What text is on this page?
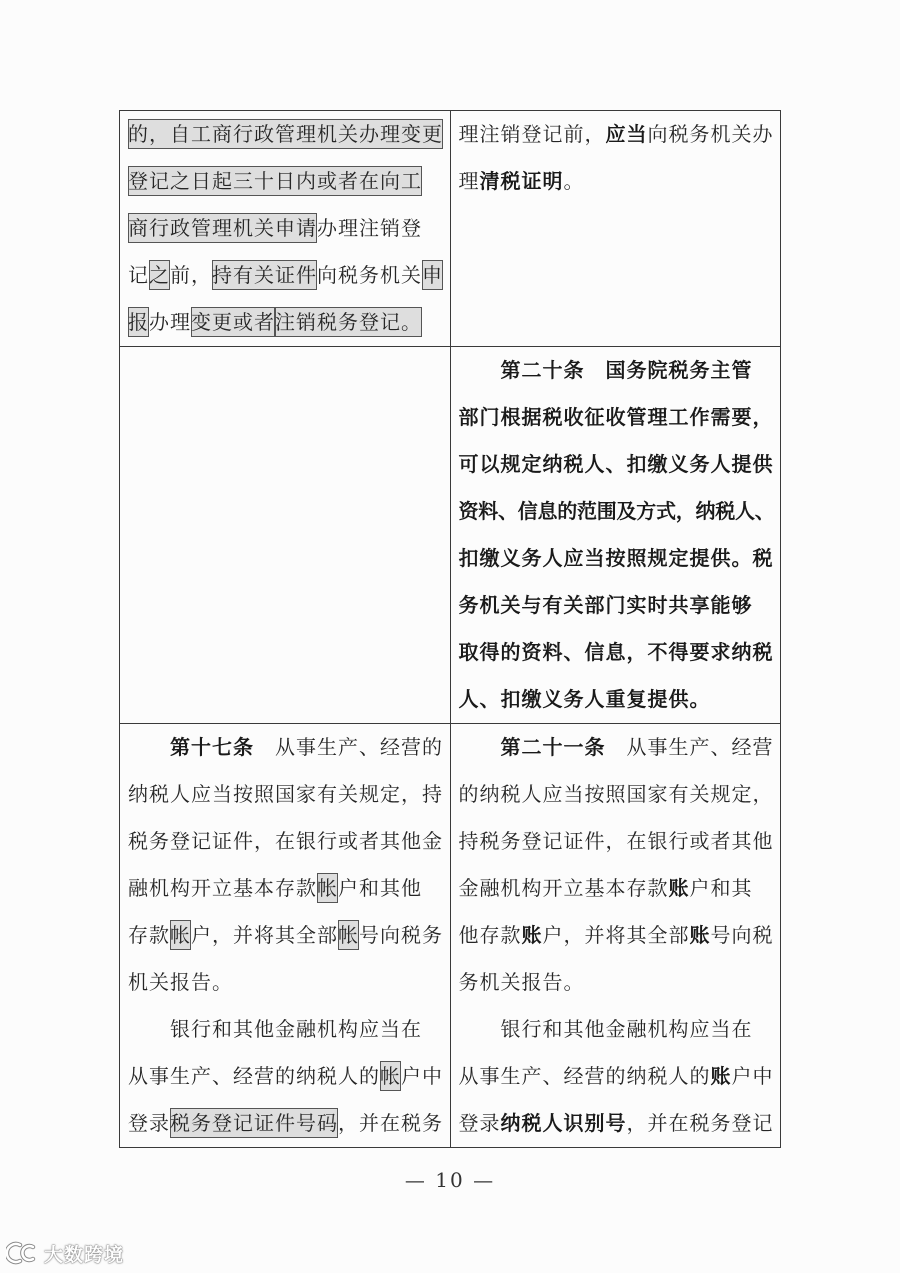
的，自工商行政管理机关办理变更
登记之日起三十日内或者在向工
商行政管理机关申请办理注销登
记之前，持有关证件向税务机关申
报办理变更或者注销税务登记。
理注销登记前，应当向税务机关办
理清税证明。
第二十条　国务院税务主管
部门根据税收征收管理工作需要，
可以规定纳税人、扣缴义务人提供
资料、信息的范围及方式，纳税人、
扣缴义务人应当按照规定提供。税
务机关与有关部门实时共享能够
取得的资料、信息，不得要求纳税
人、扣缴义务人重复提供。
第十七条　从事生产、经营的
纳税人应当按照国家有关规定，持
税务登记证件，在银行或者其他金
融机构开立基本存款帐户和其他
存款帐户，并将其全部帐号向税务
机关报告。
银行和其他金融机构应当在
从事生产、经营的纳税人的帐户中
登录税务登记证件号码，并在税务
第二十一条　从事生产、经营
的纳税人应当按照国家有关规定，
持税务登记证件，在银行或者其他
金融机构开立基本存款账户和其
他存款账户，并将其全部账号向税
务机关报告。
银行和其他金融机构应当在
从事生产、经营的纳税人的账户中
登录纳税人识别号，并在税务登记
— 10 —
大数跨境
